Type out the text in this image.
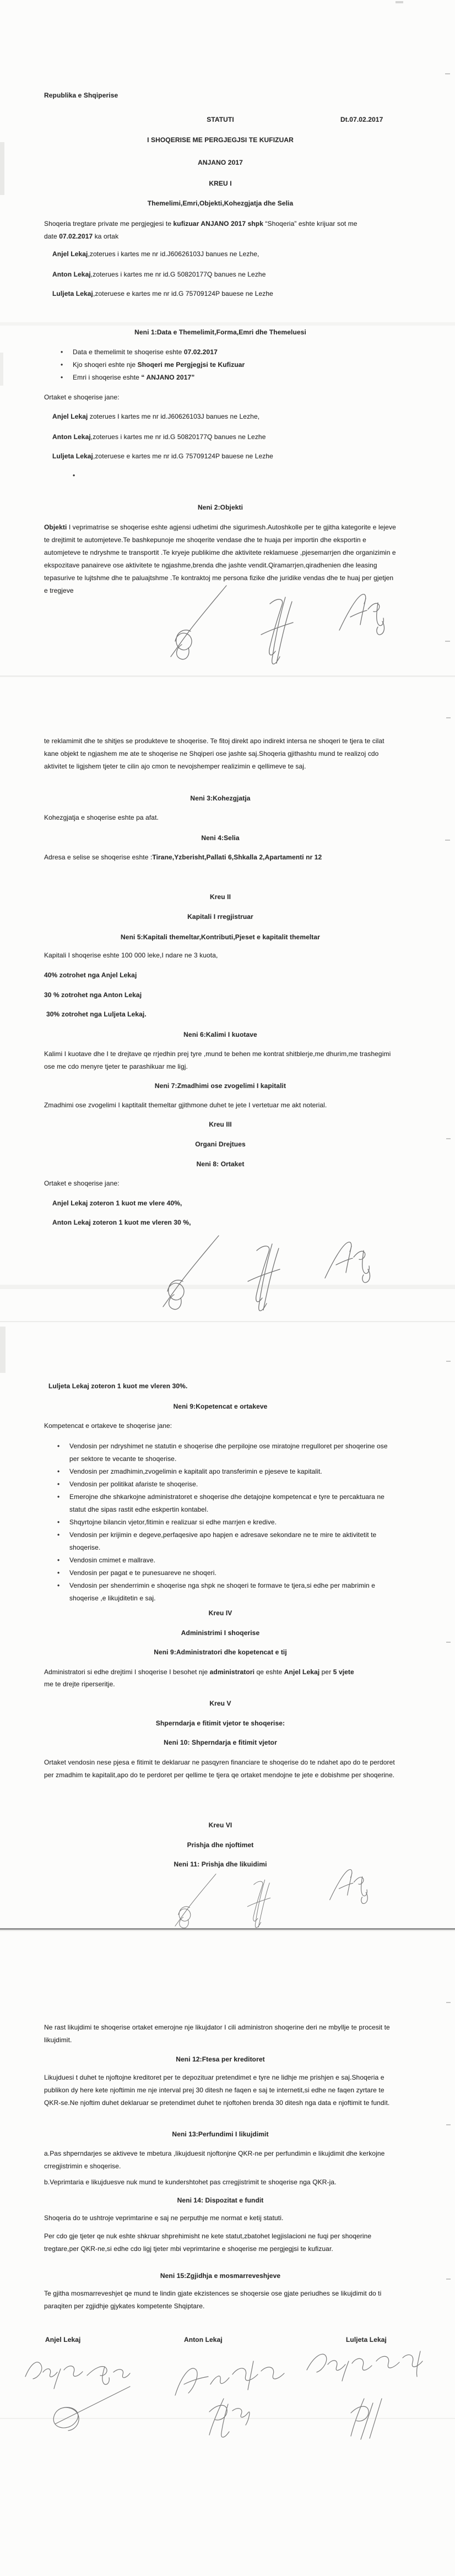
Republika e Shqiperise
STATUTI	Dt.07.02.2017
I SHOQERISE ME PERGJEGJSI TE KUFIZUAR
ANJANO 2017
KREU I
Themelimi,Emri,Objekti,Kohezgjatja dhe Selia
Shoqeria tregtare private me pergjegjesi te kufizuar ANJANO 2017 shpk “Shoqeria” eshte krijuar sot me
date 07.02.2017 ka ortak
Anjel Lekaj,zoterues i kartes me nr id.J60626103J banues ne Lezhe,
Anton Lekaj,zoterues i kartes me nr id.G 50820177Q banues ne Lezhe
Luljeta Lekaj,zoteruese e kartes me nr id.G 75709124P bauese ne Lezhe
Neni 1:Data e Themelimit,Forma,Emri dhe Themeluesi
• Data e themelimit te shoqerise eshte 07.02.2017
• Kjo shoqeri eshte nje Shoqeri me Pergjegjsi te Kufizuar
• Emri i shoqerise eshte “ ANJANO 2017”
Ortaket e shoqerise jane:
Anjel Lekaj zoterues I kartes me nr id.J60626103J banues ne Lezhe,
Anton Lekaj,zoterues i kartes me nr id.G 50820177Q banues ne Lezhe
Luljeta Lekaj,zoteruese e kartes me nr id.G 75709124P bauese ne Lezhe
•
Neni 2:Objekti
Objekti I veprimatrise se shoqerise eshte agjensi udhetimi dhe sigurimesh.Autoshkolle per te gjitha kategorite e lejeve te drejtimit te automjeteve.Te bashkepunoje me shoqerite vendase dhe te huaja per importin dhe eksportin e automjeteve te ndryshme te transportit .Te kryeje publikime dhe aktivitete reklamuese ,pjesemarrjen dhe organizimin e ekspozitave panaireve ose aktivitete te ngjashme,brenda dhe jashte vendit.Qiramarrjen,qiradhenien dhe leasing tepasurive te lujtshme dhe te paluajtshme .Te kontraktoj me persona fizike dhe juridike vendas dhe te huaj per gjetjen e tregjeve
te reklamimit dhe te shitjes se produkteve te shoqerise. Te fitoj direkt apo indirekt intersa ne shoqeri te tjera te cilat kane objekt te ngjashem me ate te shoqerise ne Shqiperi ose jashte saj.Shoqeria gjithashtu mund te realizoj cdo aktivitet te ligjshem tjeter te cilin ajo cmon te nevojshemper realizimin e qellimeve te saj.
Neni 3:Kohezgjatja
Kohezgjatja e shoqerise eshte pa afat.
Neni 4:Selia
Adresa e selise se shoqerise eshte :Tirane,Yzberisht,Pallati 6,Shkalla 2,Apartamenti nr 12
Kreu II
Kapitali I rregjistruar
Neni 5:Kapitali themeltar,Kontributi,Pjeset e kapitalit themeltar
Kapitali I shoqerise eshte 100 000 leke,I ndare ne 3 kuota,
40% zotrohet nga Anjel Lekaj
30 % zotrohet nga Anton Lekaj
30% zotrohet nga Luljeta Lekaj.
Neni 6:Kalimi I kuotave
Kalimi I kuotave dhe I te drejtave qe rrjedhin prej tyre ,mund te behen me kontrat shitblerje,me dhurim,me trashegimi ose me cdo menyre tjeter te parashikuar me ligj.
Neni 7:Zmadhimi ose zvogelimi I kapitalit
Zmadhimi ose zvogelimi I kaptitalit themeltar gjithmone duhet te jete I vertetuar me akt noterial.
Kreu III
Organi Drejtues
Neni 8: Ortaket
Ortaket e shoqerise jane:
Anjel Lekaj zoteron 1 kuot me vlere 40%,
Anton Lekaj zoteron 1 kuot me vleren 30 %,
Luljeta Lekaj zoteron 1 kuot me vleren 30%.
Neni 9:Kopetencat e ortakeve
Kompetencat e ortakeve te shoqerise jane:
• Vendosin per ndryshimet ne statutin e shoqerise dhe perpilojne ose miratojne rregulloret per shoqerine ose per sektore te vecante te shoqerise.
• Vendosin per zmadhimin,zvogelimin e kapitalit apo transferimin e pjeseve te kapitalit.
• Vendosin per politikat afariste te shoqerise.
• Emerojne dhe shkarkojne administratoret e shoqerise dhe detajojne kompetencat e tyre te percaktuara ne statut dhe sipas rastit edhe eskpertin kontabel.
• Shqyrtojne bilancin vjetor,fitimin e realizuar si edhe marrjen e kredive.
• Vendosin per krijimin e degeve,perfaqesive apo hapjen e adresave sekondare ne te mire te aktivitetit te shoqerise.
• Vendosin cmimet e mallrave.
• Vendosin per pagat e te punesuareve ne shoqeri.
• Vendosin per shenderrimin e shoqerise nga shpk ne shoqeri te formave te tjera,si edhe per mabrimin e shoqerise ,e likujditetin e saj.
Kreu IV
Administrimi I shoqerise
Neni 9:Administratori dhe kopetencat e tij
Administratori si edhe drejtimi I shoqerise I besohet nje administratori qe eshte Anjel Lekaj per 5 vjete
me te drejte riperseritje.
Kreu V
Shperndarja e fitimit vjetor te shoqerise:
Neni 10: Shperndarja e fitimit vjetor
Ortaket vendosin nese pjesa e fitimit te deklaruar ne pasqyren financiare te shoqerise do te ndahet apo do te perdoret per zmadhim te kapitalit,apo do te perdoret per qellime te tjera qe ortaket mendojne te jete e dobishme per shoqerine.
Kreu VI
Prishja dhe njoftimet
Neni 11: Prishja dhe likuidimi
Ne rast likujdimi te shoqerise ortaket emerojne nje likujdator I cili administron shoqerine deri ne mbyllje te procesit te likujdimit.
Neni 12:Ftesa per kreditoret
Likujduesi t duhet te njoftojne kreditoret per te depozituar pretendimet e tyre ne lidhje me prishjen e saj.Shoqeria e publikon dy here kete njoftimin me nje interval prej 30 ditesh ne faqen e saj te internetit,si edhe ne faqen zyrtare te QKR-se.Ne njoftim duhet deklaruar se pretendimet duhet te njoftohen brenda 30 ditesh nga data e njoftimit te fundit.
Neni 13:Perfundimi I likujdimit
a.Pas shperndarjes se aktiveve te mbetura ,likujduesit njoftonjne QKR-ne per perfundimin e likujdimit dhe kerkojne crregjistrimin e shoqerise.
b.Veprimtaria e likujduesve nuk mund te kundershtohet pas crregjistrimit te shoqerise nga QKR-ja.
Neni 14: Dispozitat e fundit
Shoqeria do te ushtroje veprimtarine e saj ne perputhje me normat e ketij statuti.
Per cdo gje tjeter qe nuk eshte shkruar shprehimisht ne kete statut,zbatohet legjislacioni ne fuqi per shoqerine tregtare,per QKR-ne,si edhe cdo ligj tjeter mbi veprimtarine e shoqerise me pergjegjsi te kufizuar.
Neni 15:Zgjidhja e mosmarreveshjeve
Te gjitha mosmarreveshjet qe mund te lindin gjate ekzistences se shoqersie ose gjate periudhes se likujdimit do ti paraqiten per zgjidhje gjykates kompetente Shqiptare.
Anjel Lekaj	Anton Lekaj	Luljeta Lekaj
